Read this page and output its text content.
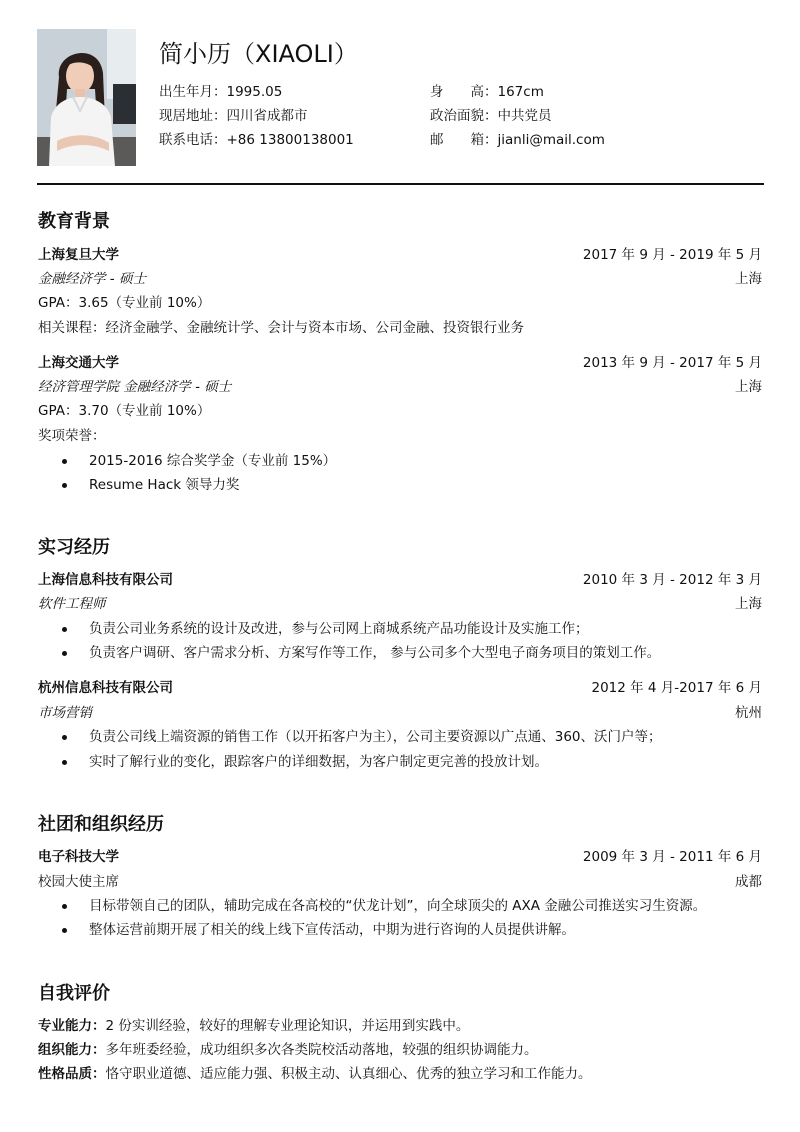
简小历（XIAOLI）
出生年月：1995.05	身　　高：167cm
现居地址：四川省成都市	政治面貌：中共党员
联系电话：+86 13800138001	邮　　箱：jianli@mail.com
教育背景
上海复旦大学	2017 年 9 月 - 2019 年 5 月
金融经济学 - 硕士	上海
GPA：3.65（专业前 10%）
相关课程：经济金融学、金融统计学、会计与资本市场、公司金融、投资银行业务
上海交通大学	2013 年 9 月 - 2017 年 5 月
经济管理学院 金融经济学 - 硕士	上海
GPA：3.70（专业前 10%）
奖项荣誉：
2015-2016 综合奖学金（专业前 15%）
Resume Hack 领导力奖
实习经历
上海信息科技有限公司	2010 年 3 月 - 2012 年 3 月
软件工程师	上海
负责公司业务系统的设计及改进，参与公司网上商城系统产品功能设计及实施工作；
负责客户调研、客户需求分析、方案写作等工作， 参与公司多个大型电子商务项目的策划工作。
杭州信息科技有限公司	2012 年 4 月-2017 年 6 月
市场营销	杭州
负责公司线上端资源的销售工作（以开拓客户为主），公司主要资源以广点通、360、沃门户等；
实时了解行业的变化，跟踪客户的详细数据，为客户制定更完善的投放计划。
社团和组织经历
电子科技大学	2009 年 3 月 - 2011 年 6 月
校园大使主席	成都
目标带领自己的团队，辅助完成在各高校的“伏龙计划”，向全球顶尖的 AXA 金融公司推送实习生资源。
整体运营前期开展了相关的线上线下宣传活动，中期为进行咨询的人员提供讲解。
自我评价
专业能力：2 份实训经验，较好的理解专业理论知识，并运用到实践中。
组织能力：多年班委经验，成功组织多次各类院校活动落地，较强的组织协调能力。
性格品质：恪守职业道德、适应能力强、积极主动、认真细心、优秀的独立学习和工作能力。
